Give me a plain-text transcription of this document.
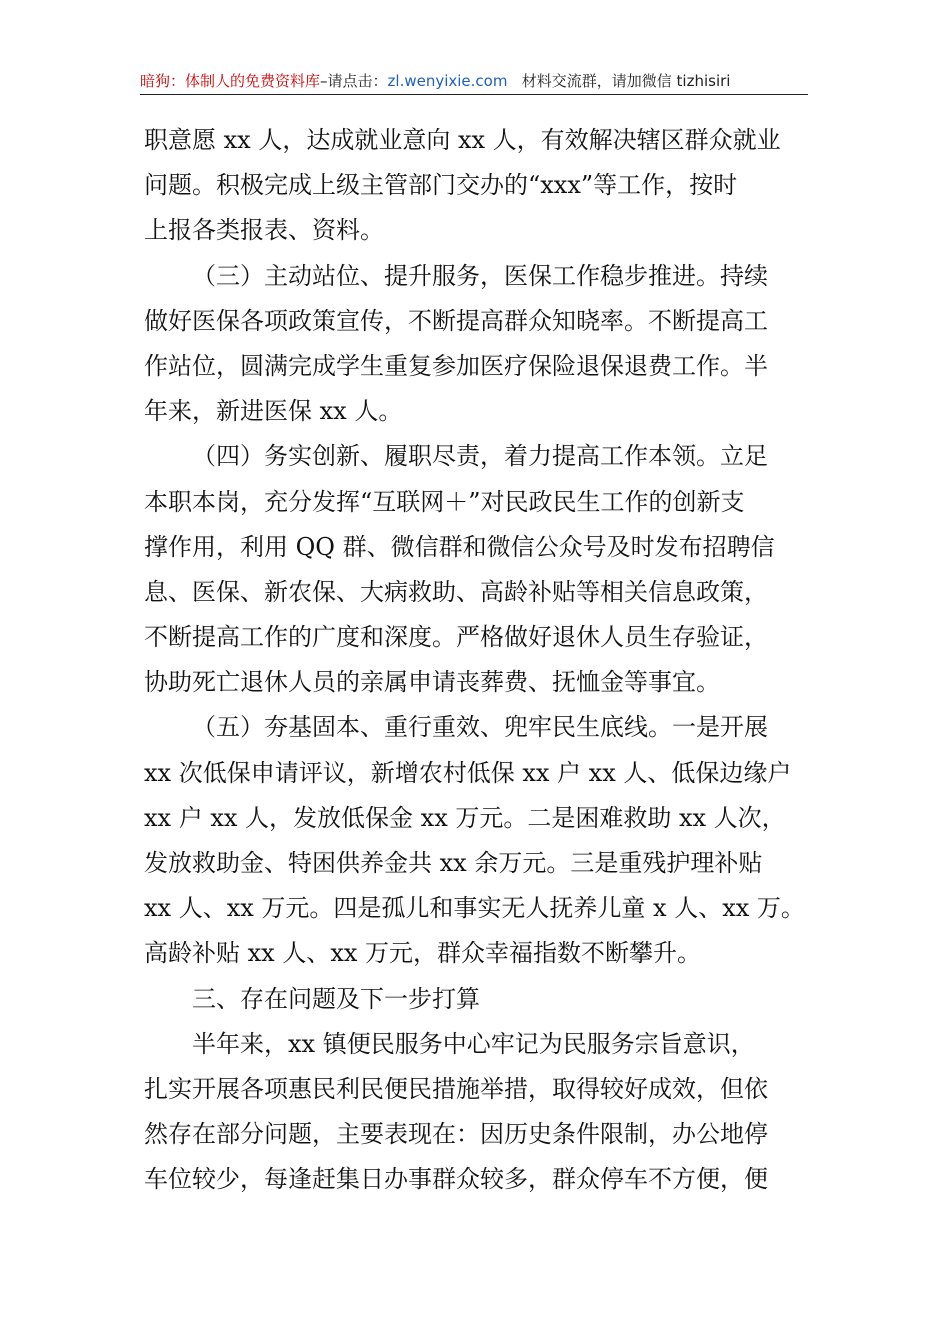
暗狗：体制人的免费资料库–请点击：zl.wenyixie.com 材料交流群，请加微信 tizhisiri
职意愿 xx 人，达成就业意向 xx 人，有效解决辖区群众就业
问题。积极完成上级主管部门交办的“xxx”等工作，按时
上报各类报表、资料。
（三）主动站位、提升服务，医保工作稳步推进。持续
做好医保各项政策宣传，不断提高群众知晓率。不断提高工
作站位，圆满完成学生重复参加医疗保险退保退费工作。半
年来，新进医保 xx 人。
（四）务实创新、履职尽责，着力提高工作本领。立足
本职本岗，充分发挥“互联网＋”对民政民生工作的创新支
撑作用，利用 QQ 群、微信群和微信公众号及时发布招聘信
息、医保、新农保、大病救助、高龄补贴等相关信息政策，
不断提高工作的广度和深度。严格做好退休人员生存验证，
协助死亡退休人员的亲属申请丧葬费、抚恤金等事宜。
（五）夯基固本、重行重效、兜牢民生底线。一是开展
xx 次低保申请评议，新增农村低保 xx 户 xx 人、低保边缘户
xx 户 xx 人，发放低保金 xx 万元。二是困难救助 xx 人次，
发放救助金、特困供养金共 xx 余万元。三是重残护理补贴
xx 人、xx 万元。四是孤儿和事实无人抚养儿童 x 人、xx 万。
高龄补贴 xx 人、xx 万元，群众幸福指数不断攀升。
三、存在问题及下一步打算
半年来，xx 镇便民服务中心牢记为民服务宗旨意识，
扎实开展各项惠民利民便民措施举措，取得较好成效，但依
然存在部分问题，主要表现在：因历史条件限制，办公地停
车位较少，每逢赶集日办事群众较多，群众停车不方便，便
